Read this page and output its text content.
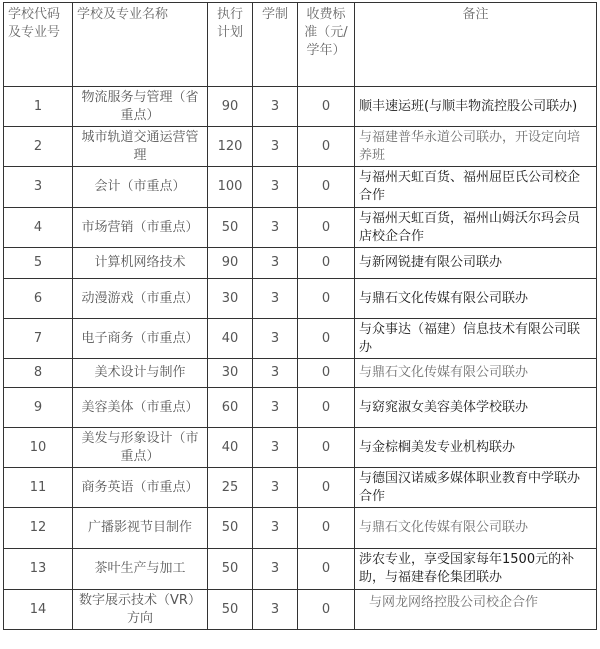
学校代码及专业号	学校及专业名称	执行计划	学制	收费标准（元/学年）	备注
1	物流服务与管理（省重点）	90	3	0	顺丰速运班(与顺丰物流控股公司联办)
2	城市轨道交通运营管理	120	3	0	与福建普华永道公司联办，开设定向培养班
3	会计（市重点）	100	3	0	与福州天虹百货、福州屈臣氏公司校企合作
4	市场营销（市重点）	50	3	0	与福州天虹百货，福州山姆沃尔玛会员店校企合作
5	计算机网络技术	90	3	0	与新网锐捷有限公司联办
6	动漫游戏（市重点）	30	3	0	与鼎石文化传媒有限公司联办
7	电子商务（市重点）	40	3	0	与众事达（福建）信息技术有限公司联办
8	美术设计与制作	30	3	0	与鼎石文化传媒有限公司联办
9	美容美体（市重点）	60	3	0	与窈窕淑女美容美体学校联办
10	美发与形象设计（市重点）	40	3	0	与金棕榈美发专业机构联办
11	商务英语（市重点）	25	3	0	与德国汉诺威多媒体职业教育中学联办合作
12	广播影视节目制作	50	3	0	与鼎石文化传媒有限公司联办
13	茶叶生产与加工	50	3	0	涉农专业，享受国家每年1500元的补助，与福建春伦集团联办
14	数字展示技术（VR）方向	50	3	0	与网龙网络控股公司校企合作
